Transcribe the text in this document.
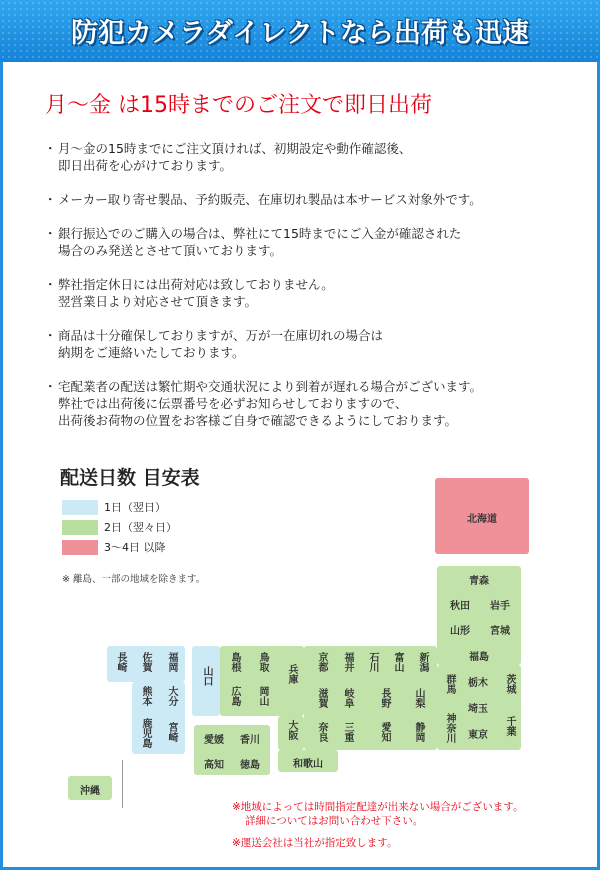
防犯カメラダイレクトなら出荷も迅速
月～金 は15時までのご注文で即日出荷
・ 月～金の15時までにご注文頂ければ、初期設定や動作確認後、
即日出荷を心がけております。
・ メーカー取り寄せ製品、予約販売、在庫切れ製品は本サービス対象外です。
・ 銀行振込でのご購入の場合は、弊社にて15時までにご入金が確認された
場合のみ発送とさせて頂いております。
・ 弊社指定休日には出荷対応は致しておりません。
翌営業日より対応させて頂きます。
・ 商品は十分確保しておりますが、万が一在庫切れの場合は
納期をご連絡いたしております。
・ 宅配業者の配送は繁忙期や交通状況により到着が遅れる場合がございます。
弊社では出荷後に伝票番号を必ずお知らせしておりますので、
出荷後お荷物の位置をお客様ご自身で確認できるようにしております。
配送日数 目安表
1日（翌日）
2日（翌々日）
3～4日 以降
※ 離島、一部の地域を除きます。
北海道
青森
秋田	岩手
山形	宮城
福島
群馬	栃木	茨城
埼玉
神奈川	東京	千葉
京都	福井	石川	富山	新潟
滋賀	岐阜	長野	山梨
奈良	三重	愛知	静岡
島根	鳥取
広島	岡山
兵庫
大阪
和歌山
山口
愛媛	香川
高知	徳島
長崎	佐賀	福岡
熊本	大分
鹿児島	宮崎
沖縄
※地域によっては時間指定配達が出来ない場合がございます。
詳細についてはお問い合わせ下さい。
※運送会社は当社が指定致します。
